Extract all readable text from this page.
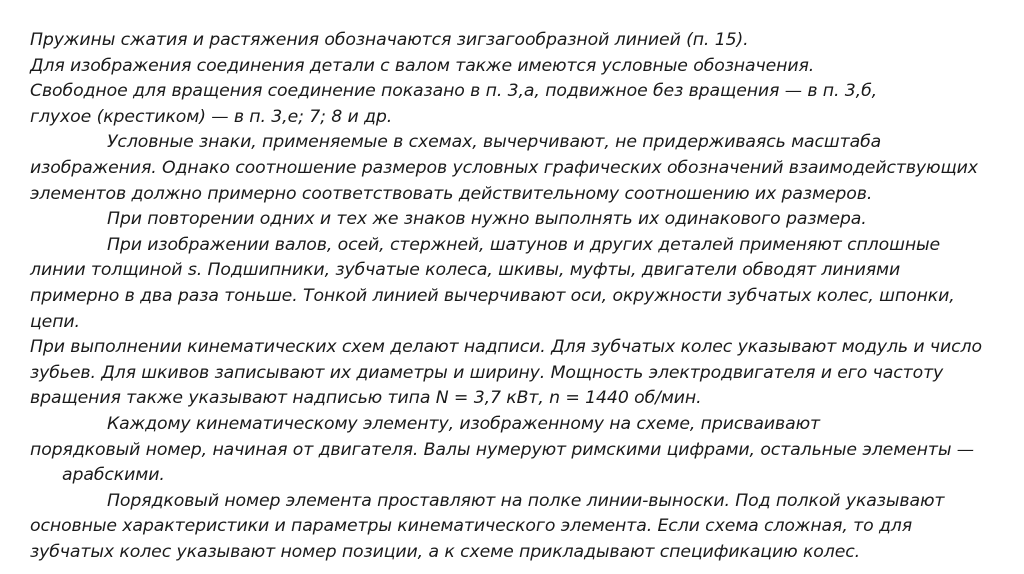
Пружины сжатия и растяжения обозначаются зигзагообразной линией (п. 15).
Для изображения соединения детали с валом также имеются условные обозначения.
Свободное для вращения соединение показано в п. 3,а, подвижное без вращения — в п. 3,б,
глухое (крестиком) — в п. 3,е; 7; 8 и др.
Условные знаки, применяемые в схемах, вычерчивают, не придерживаясь масштаба
изображения. Однако соотношение размеров условных графических обозначений взаимодействующих
элементов должно примерно соответствовать действительному соотношению их размеров.
При повторении одних и тех же знаков нужно выполнять их одинакового размера.
При изображении валов, осей, стержней, шатунов и других деталей применяют сплошные
линии толщиной s. Подшипники, зубчатые колеса, шкивы, муфты, двигатели обводят линиями
примерно в два раза тоньше. Тонкой линией вычерчивают оси, окружности зубчатых колес, шпонки,
цепи.
При выполнении кинематических схем делают надписи. Для зубчатых колес указывают модуль и число
зубьев. Для шкивов записывают их диаметры и ширину. Мощность электродвигателя и его частоту
вращения также указывают надписью типа N = 3,7 кВт, n = 1440 об/мин.
Каждому кинематическому элементу, изображенному на схеме, присваивают
порядковый номер, начиная от двигателя. Валы нумеруют римскими цифрами, остальные элементы —
арабскими.
Порядковый номер элемента проставляют на полке линии-выноски. Под полкой указывают
основные характеристики и параметры кинематического элемента. Если схема сложная, то для
зубчатых колес указывают номер позиции, а к схеме прикладывают спецификацию колес.
